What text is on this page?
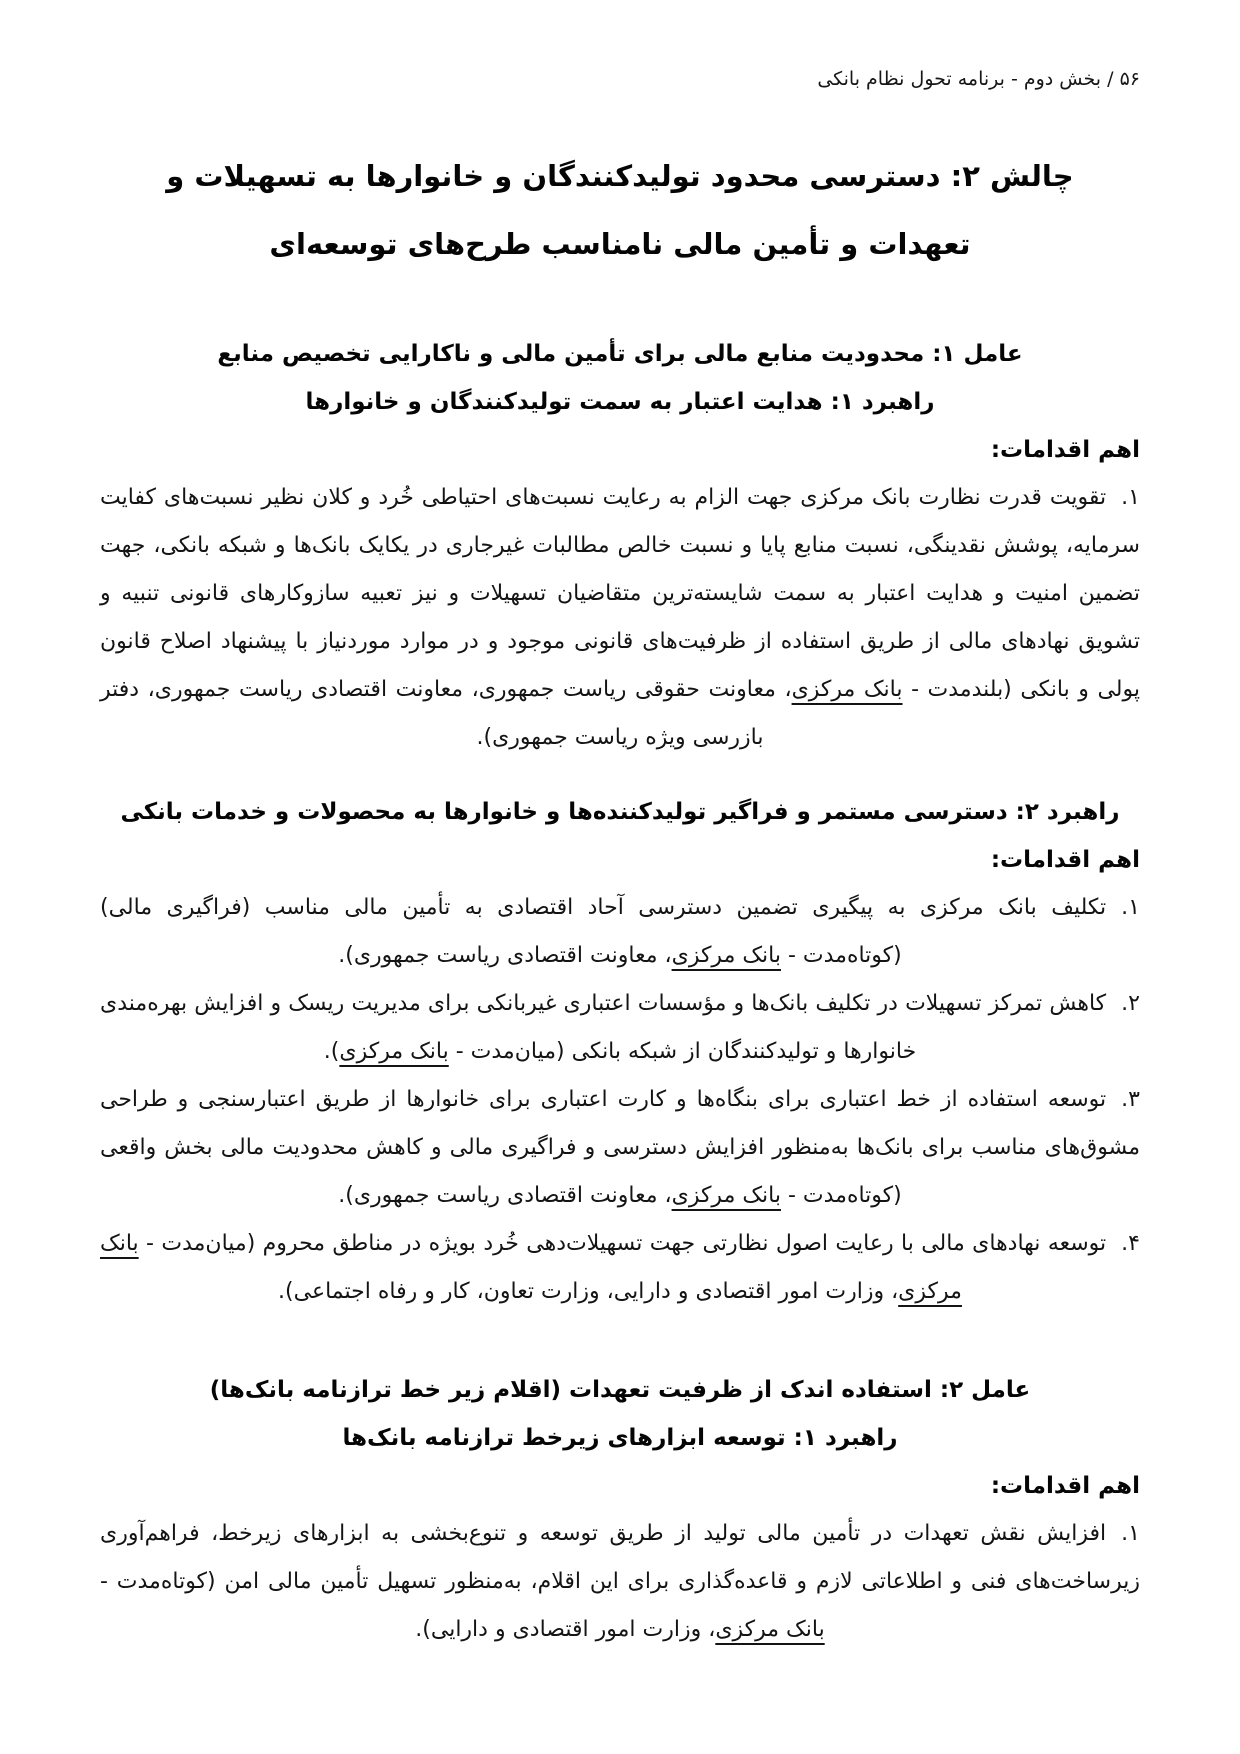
۵۶ / بخش دوم - برنامه تحول نظام بانکی
چالش ۲: دسترسی محدود تولیدکنندگان و خانوارها به تسهیلات و
تعهدات و تأمین مالی نامناسب طرح‌های توسعه‌ای
عامل ۱: محدودیت منابع مالی برای تأمین مالی و ناکارایی تخصیص منابع
راهبرد ۱: هدایت اعتبار به سمت تولیدکنندگان و خانوارها
اهم اقدامات:

۱.تقویت قدرت نظارت بانک مرکزی جهت الزام به رعایت نسبت‌های احتیاطی خُرد و کلان نظیر نسبت‌های کفایت سرمایه، پوشش نقدینگی، نسبت منابع پایا و نسبت خالص مطالبات غیرجاری در یکایک بانک‌ها و شبکه بانکی، جهت تضمین امنیت و هدایت اعتبار به سمت شایسته‌ترین متقاضیان تسهیلات و نیز تعبیه سازوکارهای قانونی تنبیه و تشویق نهادهای مالی از طریق استفاده از ظرفیت‌های قانونی موجود و در موارد موردنیاز با پیشنهاد اصلاح قانون پولی و بانکی (بلندمدت - بانک مرکزی، معاونت حقوقی ریاست جمهوری، معاونت اقتصادی ریاست جمهوری، دفتر بازرسی ویژه ریاست جمهوری).

راهبرد ۲: دسترسی مستمر و فراگیر تولیدکننده‌ها و خانوارها به محصولات و خدمات بانکی
اهم اقدامات:

۱.تکلیف بانک مرکزی به پیگیری تضمین دسترسی آحاد اقتصادی به تأمین مالی مناسب (فراگیری مالی) (کوتاه‌مدت - بانک مرکزی، معاونت اقتصادی ریاست جمهوری).

۲.کاهش تمرکز تسهیلات در تکلیف بانک‌ها و مؤسسات اعتباری غیربانکی برای مدیریت ریسک و افزایش بهره‌مندی خانوارها و تولیدکنندگان از شبکه بانکی (میان‌مدت - بانک مرکزی).

۳.توسعه استفاده از خط اعتباری برای بنگاه‌ها و کارت اعتباری برای خانوارها از طریق اعتبارسنجی و طراحی مشوق‌های مناسب برای بانک‌ها به‌منظور افزایش دسترسی و فراگیری مالی و کاهش محدودیت مالی بخش واقعی (کوتاه‌مدت - بانک مرکزی، معاونت اقتصادی ریاست جمهوری).

۴.توسعه نهادهای مالی با رعایت اصول نظارتی جهت تسهیلات‌دهی خُرد بویژه در مناطق محروم (میان‌مدت - بانک مرکزی، وزارت امور اقتصادی و دارایی، وزارت تعاون، کار و رفاه اجتماعی).

عامل ۲: استفاده اندک از ظرفیت تعهدات (اقلام زیر خط ترازنامه بانک‌ها)
راهبرد ۱: توسعه ابزارهای زیرخط ترازنامه بانک‌ها
اهم اقدامات:

۱.افزایش نقش تعهدات در تأمین مالی تولید از طریق توسعه و تنوع‌بخشی به ابزارهای زیرخط، فراهم‌آوری زیرساخت‌های فنی و اطلاعاتی لازم و قاعده‌گذاری برای این اقلام، به‌منظور تسهیل تأمین مالی امن (کوتاه‌مدت - بانک مرکزی، وزارت امور اقتصادی و دارایی).
